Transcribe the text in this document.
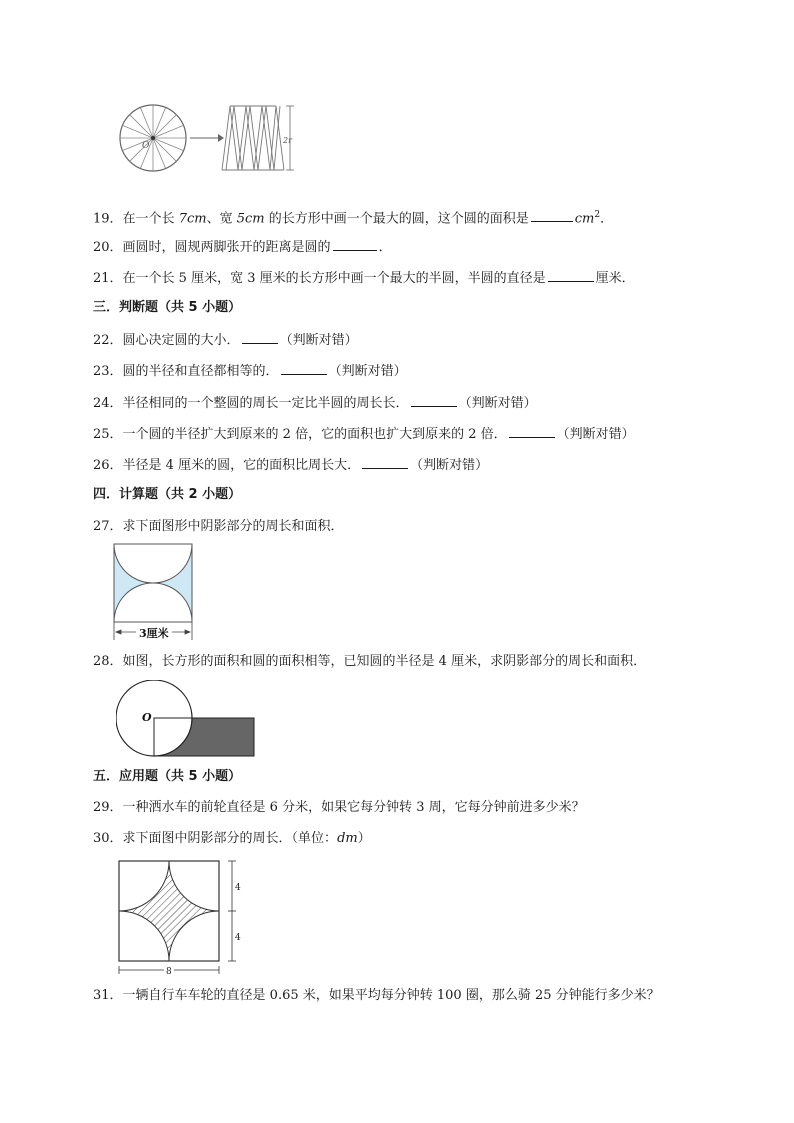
O
2r
19．在一个长 7cm、宽 5cm 的长方形中画一个最大的圆，这个圆的面积是	$cm^2$．
20．画圆时，圆规两脚张开的距离是圆的	．
21．在一个长 5 厘米，宽 3 厘米的长方形中画一个最大的半圆，半圆的直径是	厘米．
三．判断题（共 5 小题）
22．圆心决定圆的大小．	（判断对错）
23．圆的半径和直径都相等的．	（判断对错）
24．半径相同的一个整圆的周长一定比半圆的周长长．	（判断对错）
25．一个圆的半径扩大到原来的 2 倍，它的面积也扩大到原来的 2 倍．	（判断对错）
26．半径是 4 厘米的圆，它的面积比周长大．	（判断对错）
四．计算题（共 2 小题）
27．求下面图形中阴影部分的周长和面积．
3厘米
28．如图，长方形的面积和圆的面积相等，已知圆的半径是 4 厘米，求阴影部分的周长和面积．
O
五．应用题（共 5 小题）
29．一种洒水车的前轮直径是 6 分米，如果它每分钟转 3 周，它每分钟前进多少米？
30．求下面图中阴影部分的周长．（单位：dm）
4
4
8
31．一辆自行车车轮的直径是 0.65 米，如果平均每分钟转 100 圈，那么骑 25 分钟能行多少米？
